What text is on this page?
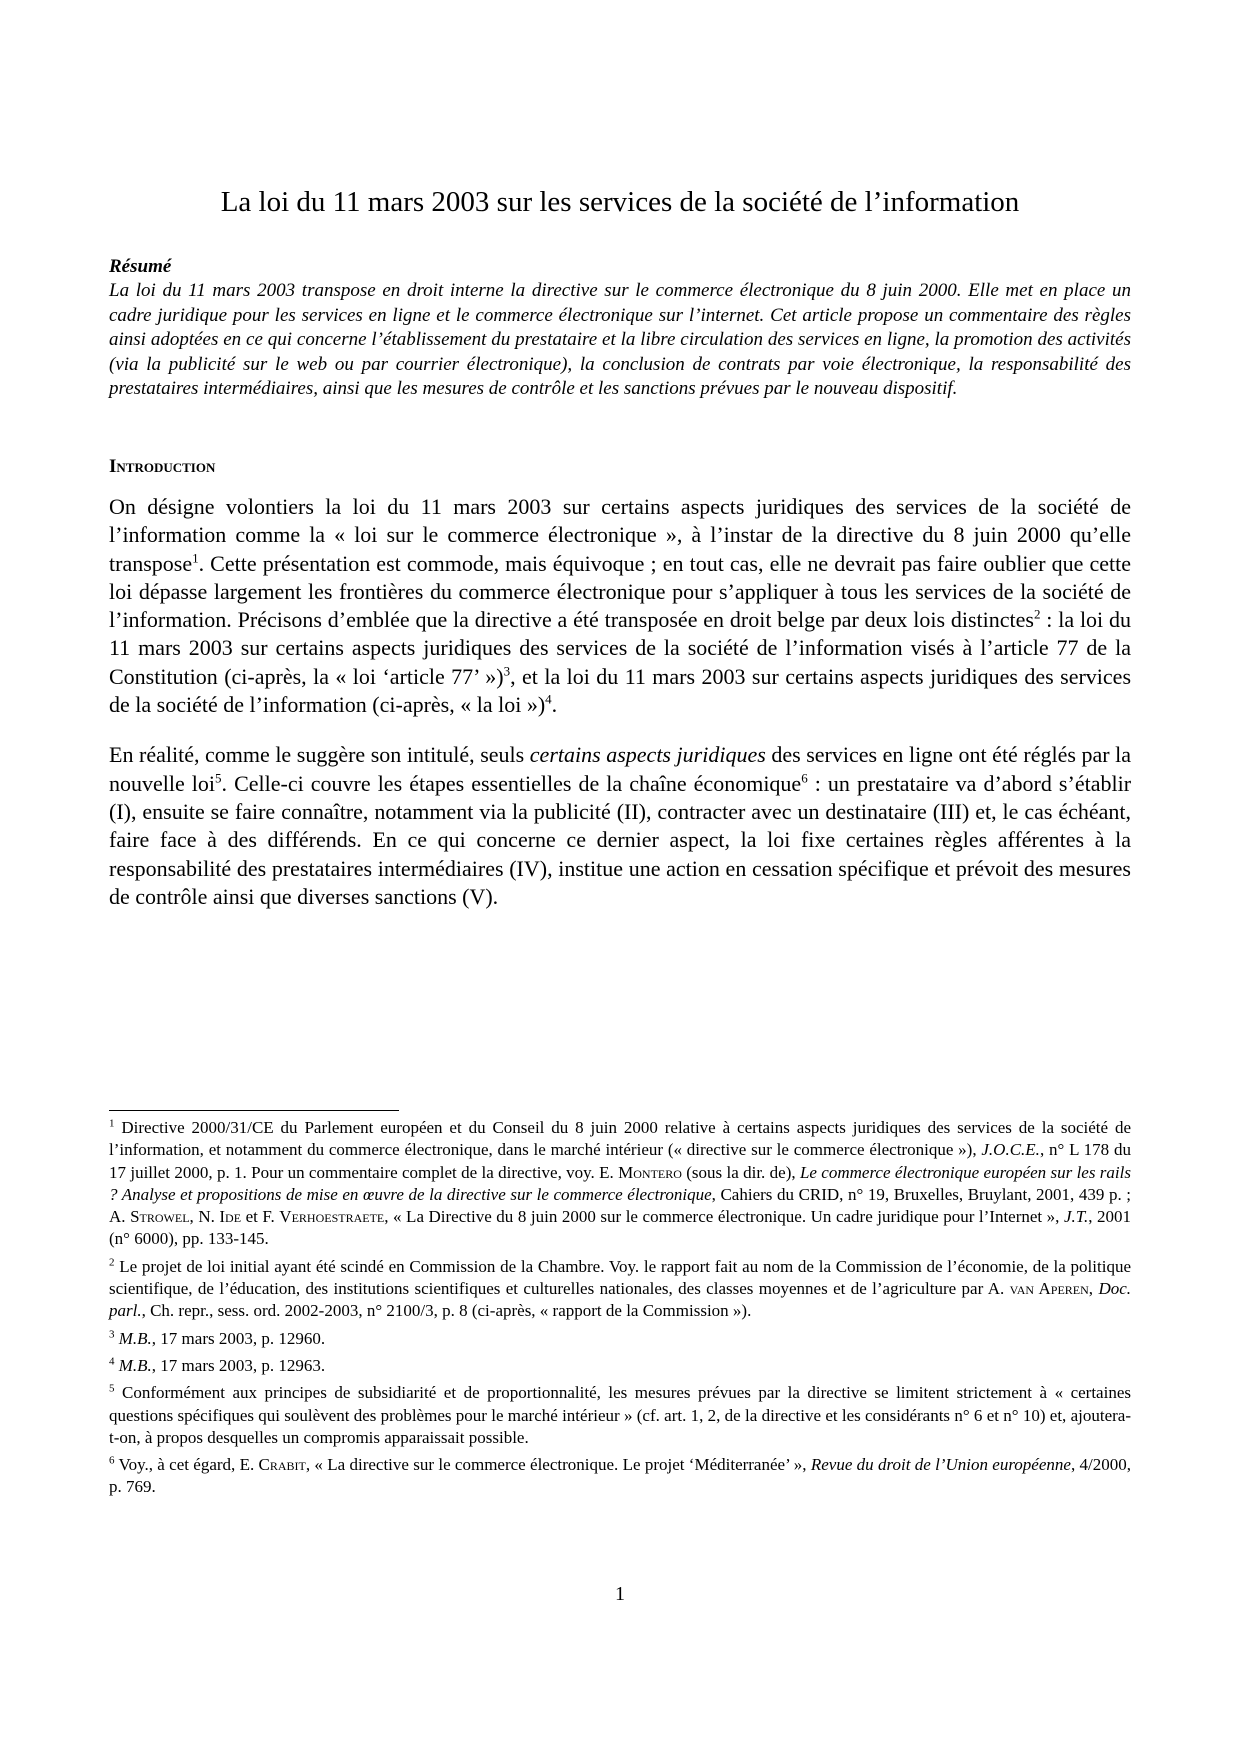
La loi du 11 mars 2003 sur les services de la société de l’information
Résumé

La loi du 11 mars 2003 transpose en droit interne la directive sur le commerce électronique du 8 juin 2000. Elle met en place un cadre juridique pour les services en ligne et le commerce électronique sur l’internet. Cet article propose un commentaire des règles ainsi adoptées en ce qui concerne l’établissement du prestataire et la libre circulation des services en ligne, la promotion des activités (via la publicité sur le web ou par courrier électronique), la conclusion de contrats par voie électronique, la responsabilité des prestataires intermédiaires, ainsi que les mesures de contrôle et les sanctions prévues par le nouveau dispositif.

Introduction

On désigne volontiers la loi du 11 mars 2003 sur certains aspects juridiques des services de la société de l’information comme la « loi sur le commerce électronique », à l’instar de la directive du 8 juin 2000 qu’elle transpose$^1$. Cette présentation est commode, mais équivoque ; en tout cas, elle ne devrait pas faire oublier que cette loi dépasse largement les frontières du commerce électronique pour s’appliquer à tous les services de la société de l’information. Précisons d’emblée que la directive a été transposée en droit belge par deux lois distinctes$^2$ : la loi du 11 mars 2003 sur certains aspects juridiques des services de la société de l’information visés à l’article 77 de la Constitution (ci-après, la « loi ‘article 77’ »)$^3$, et la loi du 11 mars 2003 sur certains aspects juridiques des services de la société de l’information (ci-après, « la loi »)$^4$.

En réalité, comme le suggère son intitulé, seuls certains aspects juridiques des services en ligne ont été réglés par la nouvelle loi$^5$. Celle-ci couvre les étapes essentielles de la chaîne économique$^6$ : un prestataire va d’abord s’établir (I), ensuite se faire connaître, notamment via la publicité (II), contracter avec un destinataire (III) et, le cas échéant, faire face à des différends. En ce qui concerne ce dernier aspect, la loi fixe certaines règles afférentes à la responsabilité des prestataires intermédiaires (IV), institue une action en cessation spécifique et prévoit des mesures de contrôle ainsi que diverses sanctions (V).

$^1$ Directive 2000/31/CE du Parlement européen et du Conseil du 8 juin 2000 relative à certains aspects juridiques des services de la société de l’information, et notamment du commerce électronique, dans le marché intérieur (« directive sur le commerce électronique »), J.O.C.E., n° L 178 du 17 juillet 2000, p. 1. Pour un commentaire complet de la directive, voy. E. Montero (sous la dir. de), Le commerce électronique européen sur les rails ? Analyse et propositions de mise en œuvre de la directive sur le commerce électronique, Cahiers du CRID, n° 19, Bruxelles, Bruylant, 2001, 439 p. ; A. Strowel, N. Ide et F. Verhoestraete, « La Directive du 8 juin 2000 sur le commerce électronique. Un cadre juridique pour l’Internet », J.T., 2001 (n° 6000), pp. 133-145.

$^2$ Le projet de loi initial ayant été scindé en Commission de la Chambre. Voy. le rapport fait au nom de la Commission de l’économie, de la politique scientifique, de l’éducation, des institutions scientifiques et culturelles nationales, des classes moyennes et de l’agriculture par A. van Aperen, Doc. parl., Ch. repr., sess. ord. 2002-2003, n° 2100/3, p. 8 (ci-après, « rapport de la Commission »).

$^3$ M.B., 17 mars 2003, p. 12960.

$^4$ M.B., 17 mars 2003, p. 12963.

$^5$ Conformément aux principes de subsidiarité et de proportionnalité, les mesures prévues par la directive se limitent strictement à « certaines questions spécifiques qui soulèvent des problèmes pour le marché intérieur » (cf. art. 1, 2, de la directive et les considérants n° 6 et n° 10) et, ajoutera-t-on, à propos desquelles un compromis apparaissait possible.

$^6$ Voy., à cet égard, E. Crabit, « La directive sur le commerce électronique. Le projet ‘Méditerranée’ », Revue du droit de l’Union européenne, 4/2000, p. 769.

1
